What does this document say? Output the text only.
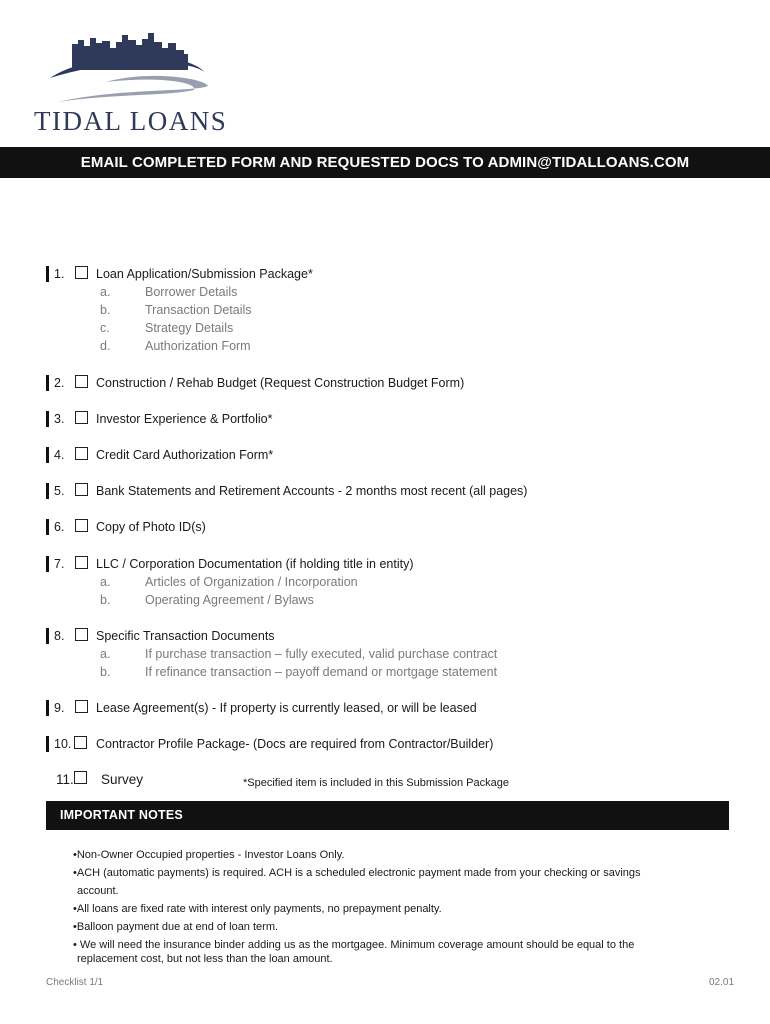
TIDAL LOANS
EMAIL COMPLETED FORM AND REQUESTED DOCS TO ADMIN@TIDALLOANS.COM
1.	Loan Application/Submission Package*
a.	Borrower Details
b.	Transaction Details
c.	Strategy Details
d.	Authorization Form
2.	Construction / Rehab Budget (Request Construction Budget Form)
3.	Investor Experience & Portfolio*
4.	Credit Card Authorization Form*
5.	Bank Statements and Retirement Accounts - 2 months most recent (all pages)
6.	Copy of Photo ID(s)
7.	LLC / Corporation Documentation (if holding title in entity)
a.	Articles of Organization / Incorporation
b.	Operating Agreement / Bylaws
8.	Specific Transaction Documents
a.	If purchase transaction – fully executed, valid purchase contract
b.	If refinance transaction – payoff demand or mortgage statement
9.	Lease Agreement(s) - If property is currently leased, or will be leased
10. Contractor Profile Package- (Docs are required from Contractor/Builder)
11. Survey	*Specified item is included in this Submission Package
IMPORTANT NOTES
•Non-Owner Occupied properties - Investor Loans Only.
•ACH (automatic payments) is required. ACH is a scheduled electronic payment made from your checking or savings
account.
•All loans are fixed rate with interest only payments, no prepayment penalty.
•Balloon payment due at end of loan term.
• We will need the insurance binder adding us as the mortgagee. Minimum coverage amount should be equal to the
replacement cost, but not less than the loan amount.
Checklist 1/1	02.01
